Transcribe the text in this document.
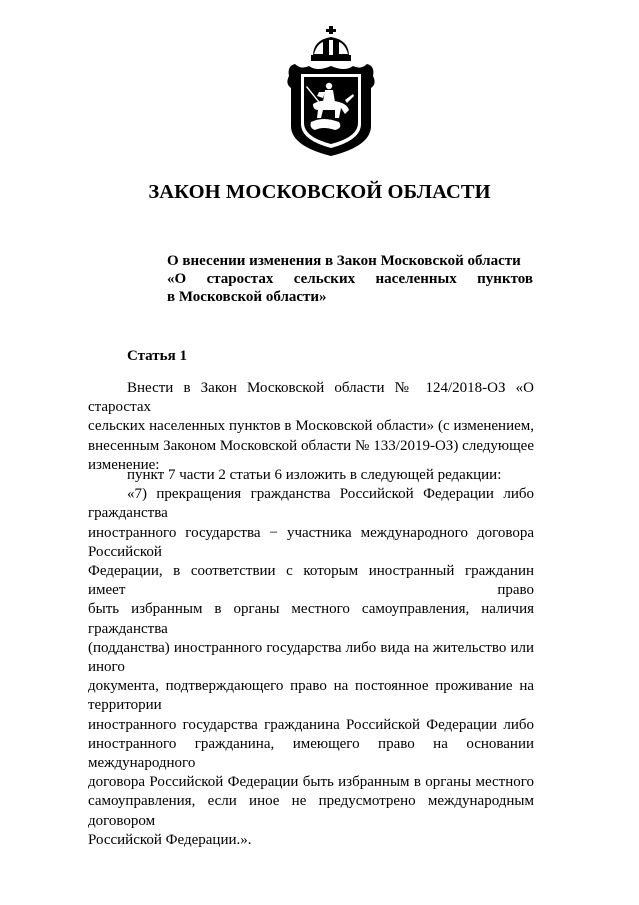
ЗАКОН МОСКОВСКОЙ ОБЛАСТИ
О внесении изменения в Закон Московской области
«О старостах сельских населенных пунктов
в Московской области»
Статья 1
Внести в Закон Московской области № 124/2018-ОЗ «О старостах
сельских населенных пунктов в Московской области» (с изменением,
внесенным Законом Московской области № 133/2019-ОЗ) следующее
изменение:
пункт 7 части 2 статьи 6 изложить в следующей редакции:
«7) прекращения гражданства Российской Федерации либо гражданства
иностранного государства − участника международного договора Российской
Федерации, в соответствии с которым иностранный гражданин имеет право
быть избранным в органы местного самоуправления, наличия гражданства
(подданства) иностранного государства либо вида на жительство или иного
документа, подтверждающего право на постоянное проживание на территории
иностранного государства гражданина Российской Федерации либо
иностранного гражданина, имеющего право на основании международного
договора Российской Федерации быть избранным в органы местного
самоуправления, если иное не предусмотрено международным договором
Российской Федерации.».
